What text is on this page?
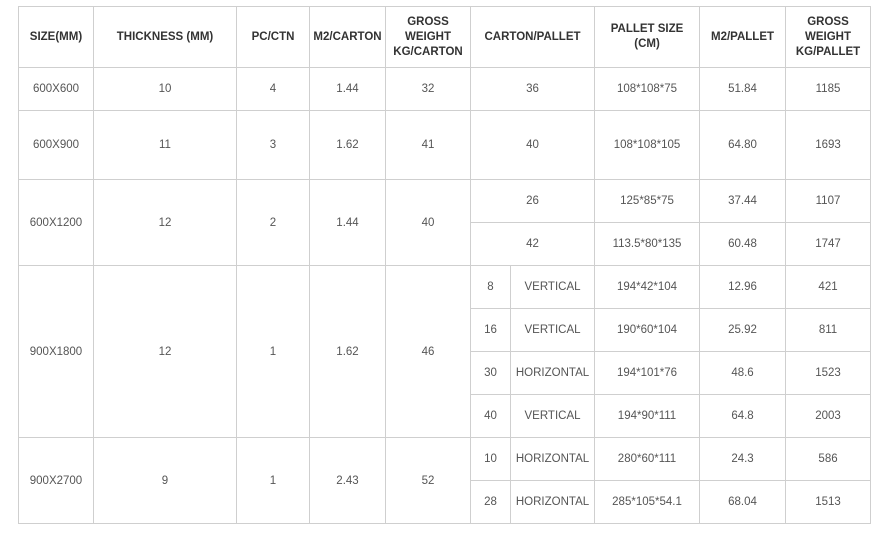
SIZE(MM)	THICKNESS (MM)	PC/CTN	M2/CARTON	GROSS WEIGHT KG/CARTON	CARTON/PALLET		PALLET SIZE (CM)	M2/PALLET	GROSS WEIGHT KG/PALLET
600X600	10	4	1.44	32	36		108*108*75	51.84	1185
600X900	11	3	1.62	41	40		108*108*105	64.80	1693
600X1200	12	2	1.44	40	26		125*85*75	37.44	1107
					42		113.5*80*135	60.48	1747
900X1800	12	1	1.62	46	8	VERTICAL	194*42*104	12.96	421
					16	VERTICAL	190*60*104	25.92	811
					30	HORIZONTAL	194*101*76	48.6	1523
					40	VERTICAL	194*90*111	64.8	2003
900X2700	9	1	2.43	52	10	HORIZONTAL	280*60*111	24.3	586
					28	HORIZONTAL	285*105*54.1	68.04	1513
